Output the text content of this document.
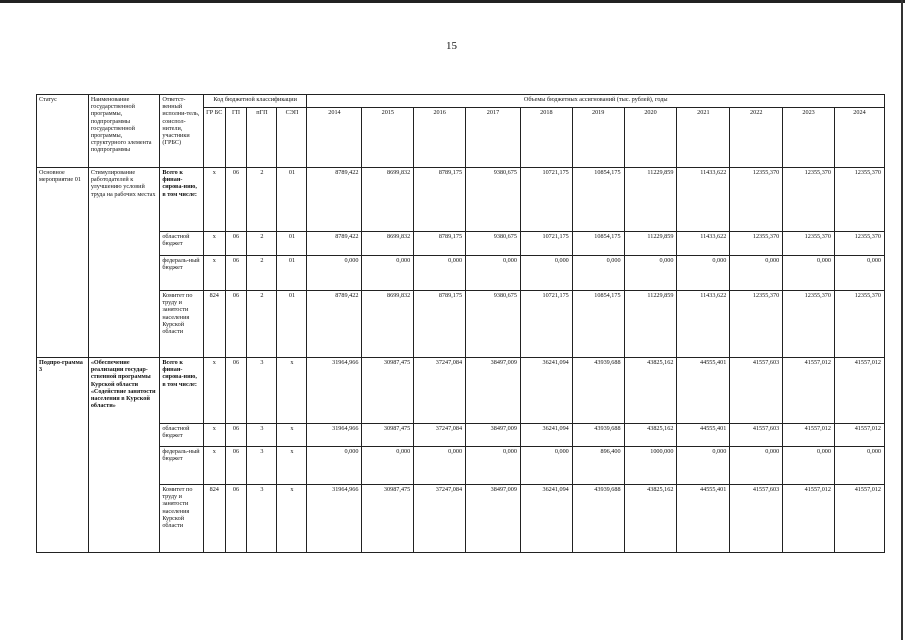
15
Статус	Наименование государственной программы, подпрограммы государственной программы, структурного элемента подпрограммы	Ответст-венный исполни-тель, соиспол-нители, участники (ГРБС)	Код бюджетной классификации				Объемы бюджетных ассигнований (тыс. рублей), годы										
			ГР БС	ГП	пГП	СЭП	2014	2015	2016	2017	2018	2019	2020	2021	2022	2023	2024
Основное мероприятие 01	Стимулирование работодателей к улучшению условий труда на рабочих местах	Всего к финан-сирова-нию, в том числе:	х	06	2	01	8789,422	8699,832	8789,175	9380,675	10721,175	10854,175	11229,859	11433,622	12355,370	12355,370	12355,370
		областной бюджет	х	06	2	01	8789,422	8699,832	8789,175	9380,675	10721,175	10854,175	11229,859	11433,622	12355,370	12355,370	12355,370
		федераль-ный бюджет	х	06	2	01	0,000	0,000	0,000	0,000	0,000	0,000	0,000	0,000	0,000	0,000	0,000
		Комитет по труду и занятости населения Курской области	824	06	2	01	8789,422	8699,832	8789,175	9380,675	10721,175	10854,175	11229,859	11433,622	12355,370	12355,370	12355,370
Подпро-грамма 3	«Обеспечение реализации государ-ственной программы Курской области «Содействие занятости населения в Курской области»	Всего к финан-сирова-нию, в том числе:	х	06	3	х	31964,966	30987,475	37247,084	38497,009	36241,094	43939,688	43825,162	44555,401	41557,603	41557,012	41557,012
		областной бюджет	х	06	3	х	31964,966	30987,475	37247,084	38497,009	36241,094	43939,688	43825,162	44555,401	41557,603	41557,012	41557,012
		федераль-ный бюджет	х	06	3	х	0,000	0,000	0,000	0,000	0,000	896,400	1000,000	0,000	0,000	0,000	0,000
		Комитет по труду и занятости населения Курской области	824	06	3	х	31964,966	30987,475	37247,084	38497,009	36241,094	43939,688	43825,162	44555,401	41557,603	41557,012	41557,012
